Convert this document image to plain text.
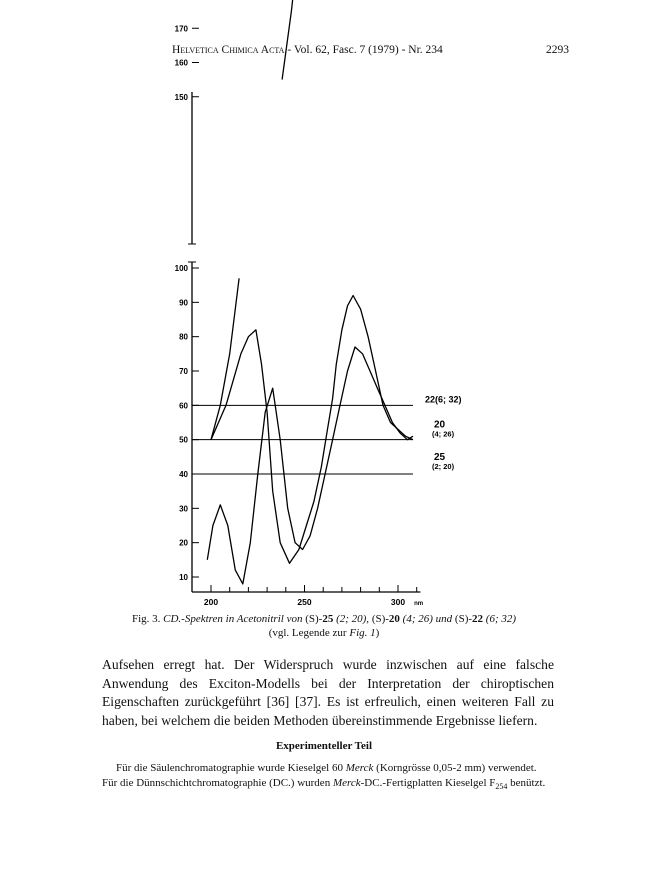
Helvetica Chimica Acta - Vol. 62, Fasc. 7 (1979) - Nr. 234	2293
10
20
30
40
50
60
70
80
90
100
150
160
170
200	250	300 nm
22(6; 32)
20
(4; 26)
25
(2; 20)
Fig. 3. CD.-Spektren in Acetonitril von (S)-25 (2; 20), (S)-20 (4; 26) und (S)-22 (6; 32)
(vgl. Legende zur Fig. 1)
Aufsehen erregt hat. Der Widerspruch wurde inzwischen auf eine falsche Anwendung des Exciton-Modells bei der Interpretation der chiroptischen Eigenschaften zurückgeführt [36] [37]. Es ist erfreulich, einen weiteren Fall zu haben, bei welchem die beiden Methoden übereinstimmende Ergebnisse liefern.
Experimenteller Teil

Für die Säulenchromatographie wurde Kieselgel 60 Merck (Korngrösse 0,05-2 mm) verwendet.

Für die Dünnschichtchromatographie (DC.) wurden Merck-DC.-Fertigplatten Kieselgel $F_{254}$ benützt.
